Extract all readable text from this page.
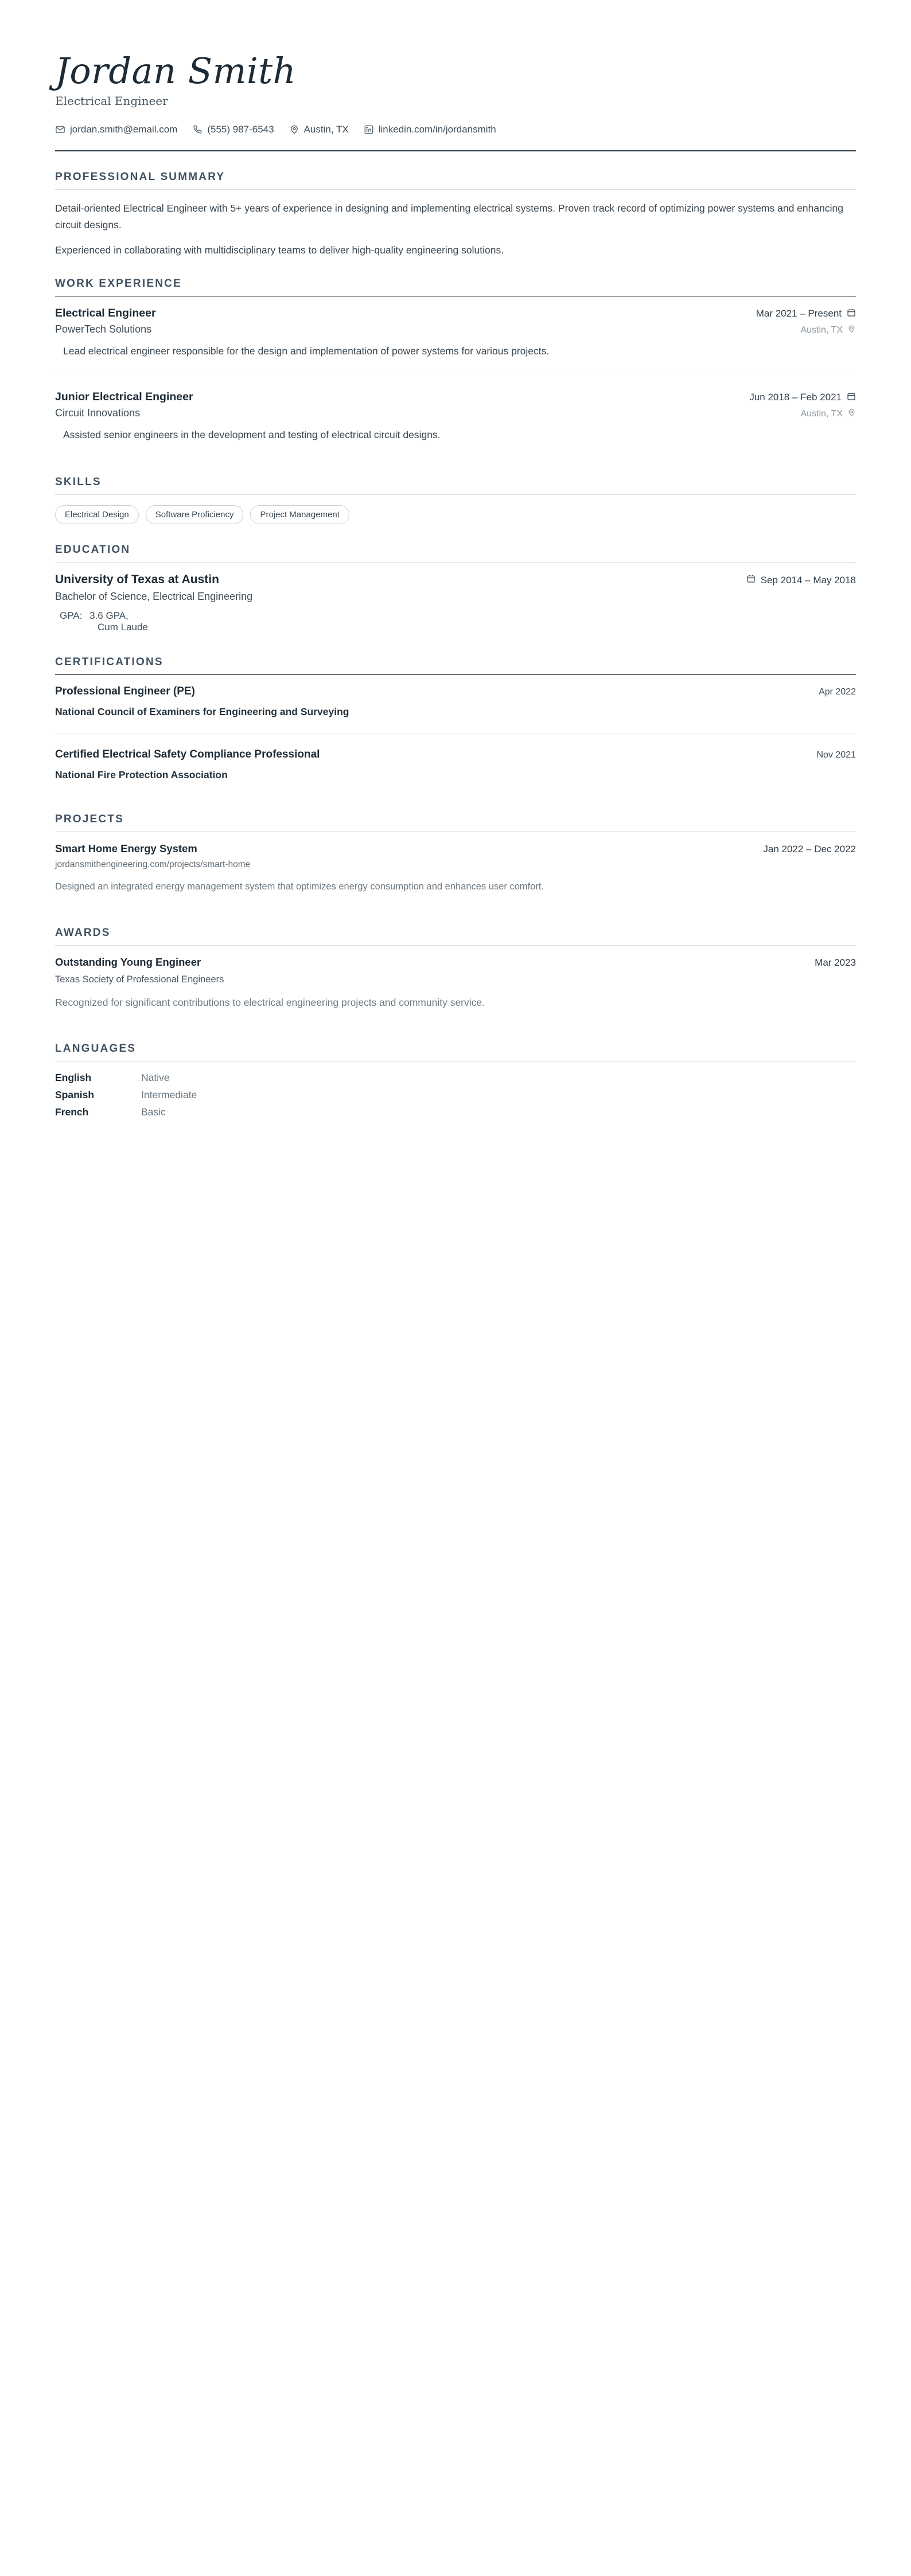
Jordan Smith
Electrical Engineer
jordan.smith@email.com	(555) 987-6543	Austin, TX	linkedin.com/in/jordansmith
PROFESSIONAL SUMMARY

Detail-oriented Electrical Engineer with 5+ years of experience in designing and implementing electrical systems. Proven track record of optimizing power systems and enhancing circuit designs.

Experienced in collaborating with multidisciplinary teams to deliver high-quality engineering solutions.

WORK EXPERIENCE
Electrical Engineer	Mar 2021 – Present
PowerTech Solutions	Austin, TX
Lead electrical engineer responsible for the design and implementation of power systems for various projects.
Junior Electrical Engineer	Jun 2018 – Feb 2021
Circuit Innovations	Austin, TX
Assisted senior engineers in the development and testing of electrical circuit designs.
SKILLS
Electrical Design	Software Proficiency	Project Management
EDUCATION
University of Texas at Austin	Sep 2014 – May 2018
Bachelor of Science, Electrical Engineering
GPA: 3.6 GPA,
Cum Laude
CERTIFICATIONS
Professional Engineer (PE)	Apr 2022
National Council of Examiners for Engineering and Surveying
Certified Electrical Safety Compliance Professional	Nov 2021
National Fire Protection Association
PROJECTS
Smart Home Energy System	Jan 2022 – Dec 2022
jordansmithengineering.com/projects/smart-home
Designed an integrated energy management system that optimizes energy consumption and enhances user comfort.
AWARDS
Outstanding Young Engineer	Mar 2023
Texas Society of Professional Engineers
Recognized for significant contributions to electrical engineering projects and community service.
LANGUAGES
English	Native
Spanish	Intermediate
French	Basic
